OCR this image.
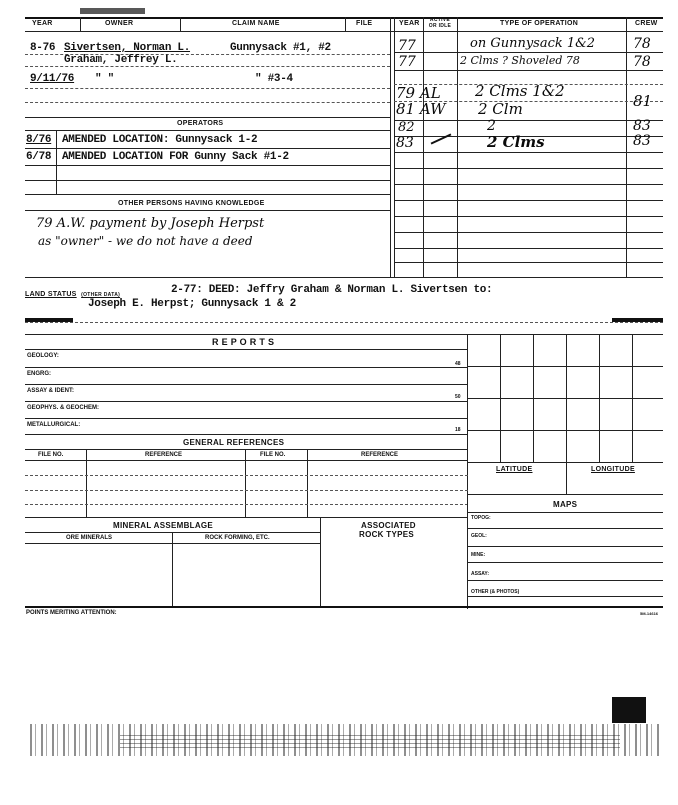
YEAR	OWNER	CLAIM NAME	FILE	YEAR	ACTIVE OR IDLE	TYPE OF OPERATION	CREW
8-76 Sivertsen, Norman L.	Gunnysack #1, #2
Graham, Jeffrey L.
9/11/76 " "	" #3-4
77	on Gunnysack 1&2	78
77	2 Clms ? Shoveled 78	78
79 AL 2 Clms 1&2
81 AW 2 Clm	81
82	2	83
83	2 Clms	83
OPERATORS
8/76 AMENDED LOCATION: Gunnysack 1-2
6/78 AMENDED LOCATION FOR Gunny Sack #1-2
OTHER PERSONS HAVING KNOWLEDGE
79 A.W. payment by Joseph Herpst
as "owner" - we do not have a deed
LAND STATUS (OTHER DATA)	2-77: DEED: Jeffry Graham & Norman L. Sivertsen to:
Joseph E. Herpst; Gunnysack 1 & 2
R E P O R T S
GEOLOGY:
48
ENGRG:
ASSAY & IDENT:
50
GEOPHYS. & GEOCHEM:
METALLURGICAL:
18
LATITUDE	LONGITUDE
GENERAL REFERENCES
FILE NO.	REFERENCE	FILE NO.	REFERENCE
MAPS
TOPOG:
GEOL:
MINE:
ASSAY:
OTHER (& PHOTOS)
MINERAL ASSEMBLAGE	ASSOCIATED
ROCK TYPES
ORE MINERALS	ROCK FORMING, ETC.
POINTS MERITING ATTENTION:	5M-14616
